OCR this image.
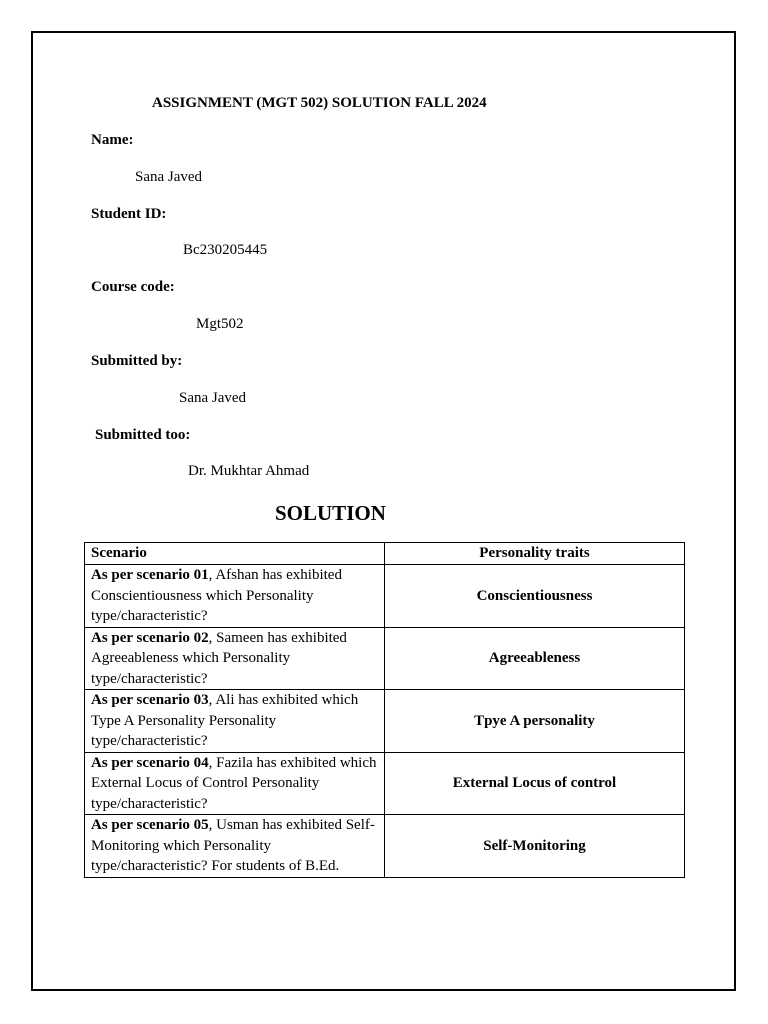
ASSIGNMENT (MGT 502) SOLUTION FALL 2024
Name:
Sana Javed
Student ID:
Bc230205445
Course code:
Mgt502
Submitted by:
Sana Javed
Submitted too:
Dr. Mukhtar Ahmad
SOLUTION
Scenario	Personality traits
As per scenario 01, Afshan has exhibited Conscientiousness which Personality type/characteristic?	Conscientiousness
As per scenario 02, Sameen has exhibited Agreeableness which Personality type/characteristic?	Agreeableness
As per scenario 03, Ali has exhibited which Type A Personality Personality type/characteristic?	Tpye A personality
As per scenario 04, Fazila has exhibited which External Locus of Control Personality type/characteristic?	External Locus of control
As per scenario 05, Usman has exhibited Self-Monitoring which Personality type/characteristic? For students of B.Ed.	Self-Monitoring
